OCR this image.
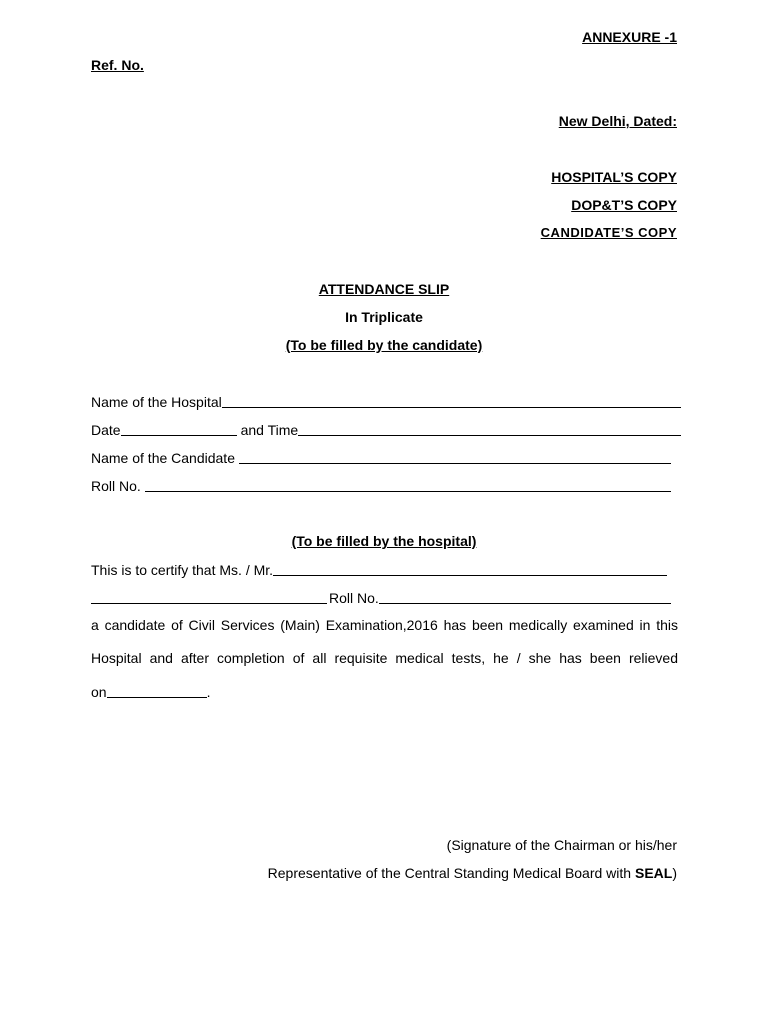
ANNEXURE -1
Ref. No.
New Delhi, Dated:
HOSPITAL’S COPY
DOP&T’S COPY
CANDIDATE’S COPY
ATTENDANCE SLIP
In Triplicate
(To be filled by the candidate)
Name of the Hospital
Date	and Time
Name of the Candidate
Roll No.
(To be filled by the hospital)
This is to certify that Ms. / Mr.
Roll No.
a candidate of Civil Services (Main) Examination,2016 has been medically examined in this
Hospital and after completion of all requisite medical tests, he / she has been relieved
on	.
(Signature of the Chairman or his/her
Representative of the Central Standing Medical Board with SEAL)
